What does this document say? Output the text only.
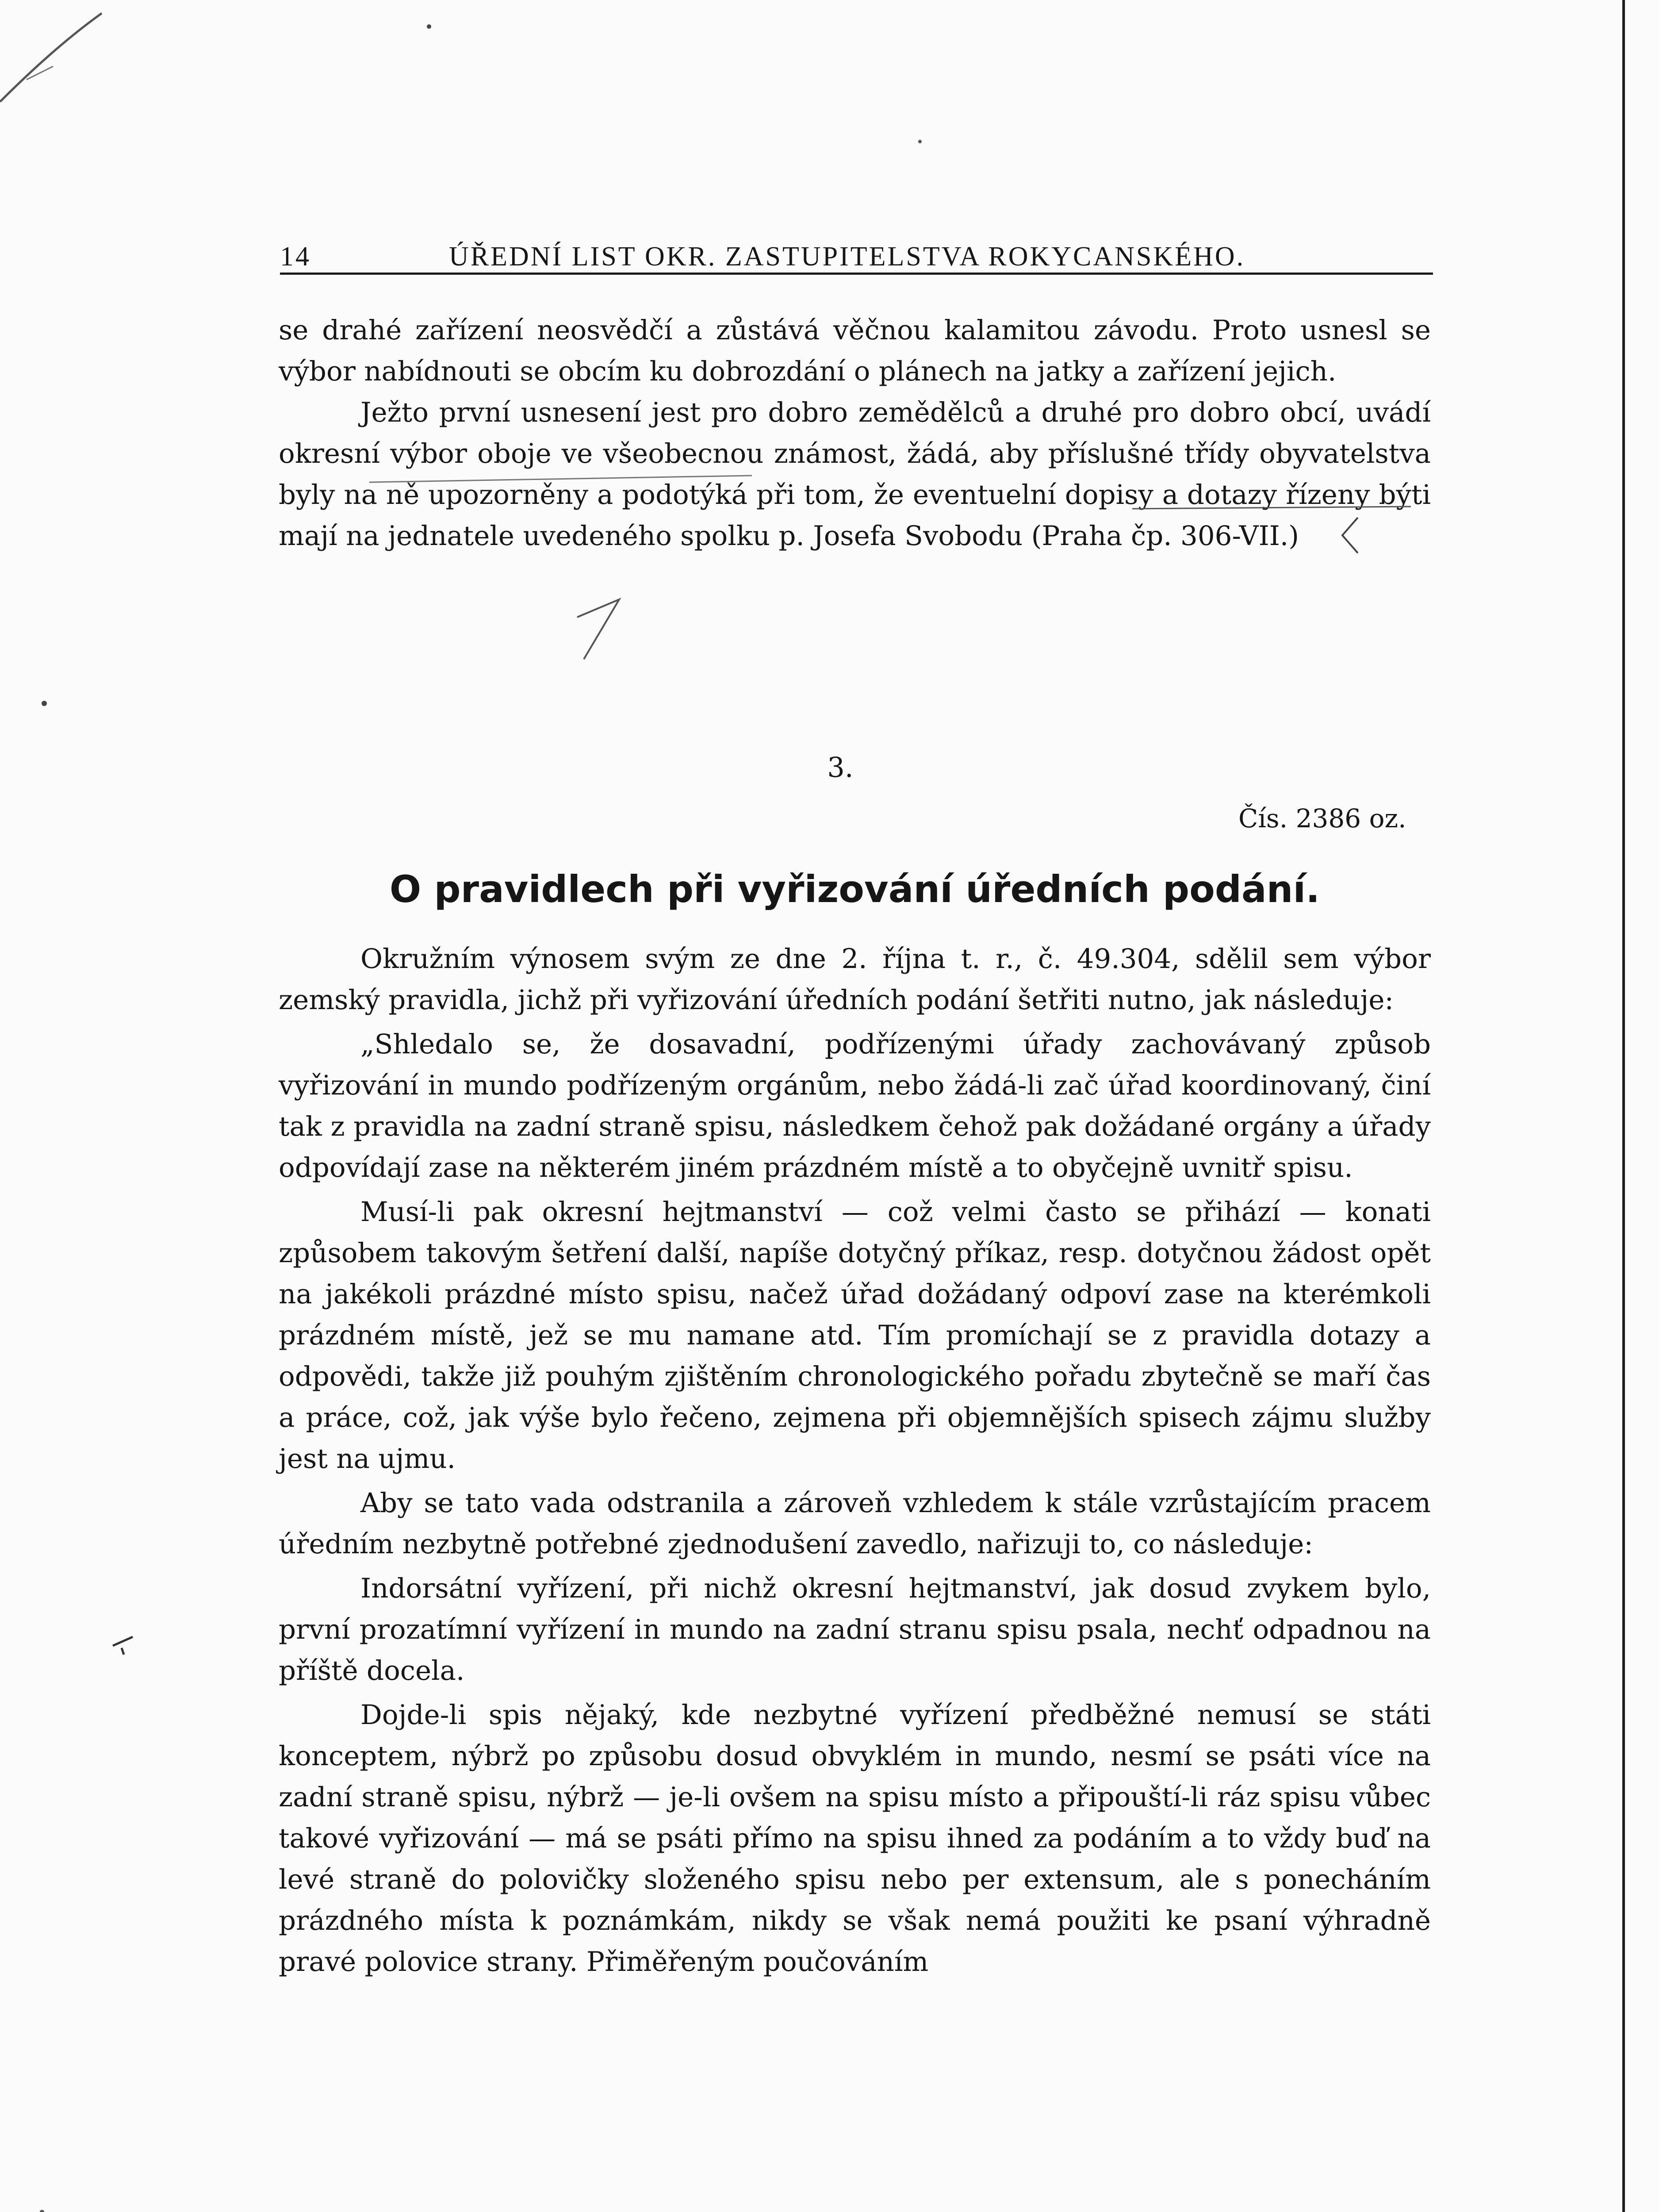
14	ÚŘEDNÍ LIST OKR. ZASTUPITELSTVA ROKYCANSKÉHO.

se drahé zařízení neosvědčí a zůstává věčnou kalamitou závodu. Proto usnesl se výbor nabídnouti se obcím ku dobrozdání o plánech na jatky a zařízení jejich.

Ježto první usnesení jest pro dobro zemědělců a druhé pro dobro obcí, uvádí okresní výbor oboje ve všeobecnou známost, žádá, aby příslušné třídy obyvatelstva byly na ně upozorněny a podotýká při tom, že eventuelní dopisy a dotazy řízeny býti mají na jednatele uvedeného spolku p. Josefa Svobodu (Praha čp. 306-VII.)

3.
Čís. 2386 oz.
O pravidlech při vyřizování úředních podání.

Okružním výnosem svým ze dne 2. října t. r., č. 49.304, sdělil sem výbor zemský pravidla, jichž při vyřizování úředních podání šetřiti nutno, jak následuje:

„Shledalo se, že dosavadní, podřízenými úřady zachovávaný způsob vyřizování in mundo podřízeným orgánům, nebo žádá-li zač úřad koordinovaný, činí tak z pravidla na zadní straně spisu, následkem čehož pak dožádané orgány a úřady odpovídají zase na některém jiném prázdném místě a to obyčejně uvnitř spisu.

Musí-li pak okresní hejtmanství — což velmi často se přihází — konati způsobem takovým šetření další, napíše dotyčný příkaz, resp. dotyčnou žádost opět na jakékoli prázdné místo spisu, načež úřad dožádaný odpoví zase na kterémkoli prázdném místě, jež se mu namane atd. Tím promíchají se z pravidla dotazy a odpovědi, takže již pouhým zjištěním chronologického pořadu zbytečně se maří čas a práce, což, jak výše bylo řečeno, zejmena při objemnějších spisech zájmu služby jest na ujmu.

Aby se tato vada odstranila a zároveň vzhledem k stále vzrůstajícím pracem úředním nezbytně potřebné zjednodušení zavedlo, nařizuji to, co následuje:

Indorsátní vyřízení, při nichž okresní hejtmanství, jak dosud zvykem bylo, první prozatímní vyřízení in mundo na zadní stranu spisu psala, nechť odpadnou na příště docela.

Dojde-li spis nějaký, kde nezbytné vyřízení předběžné nemusí se státi konceptem, nýbrž po způsobu dosud obvyklém in mundo, nesmí se psáti více na zadní straně spisu, nýbrž — je-li ovšem na spisu místo a připouští-li ráz spisu vůbec takové vyřizování — má se psáti přímo na spisu ihned za podáním a to vždy buď na levé straně do polovičky složeného spisu nebo per extensum, ale s ponecháním prázdného místa k poznámkám, nikdy se však nemá použiti ke psaní výhradně pravé polovice strany. Přiměřeným poučováním
